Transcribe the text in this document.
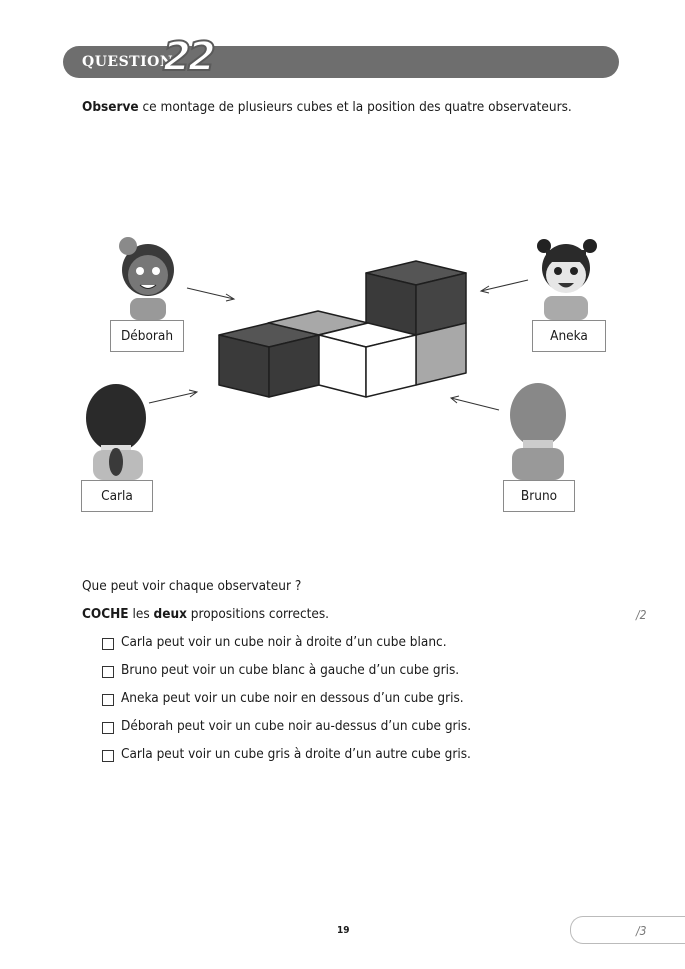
QUESTION
22
Observe ce montage de plusieurs cubes et la position des quatre observateurs.
Déborah	Aneka
Carla	Bruno
Que peut voir chaque observateur ?
COCHE les deux propositions correctes.	/2
Carla peut voir un cube noir à droite d’un cube blanc.
Bruno peut voir un cube blanc à gauche d’un cube gris.
Aneka peut voir un cube noir en dessous d’un cube gris.
Déborah peut voir un cube noir au-dessus d’un cube gris.
Carla peut voir un cube gris à droite d’un autre cube gris.
19	/3
